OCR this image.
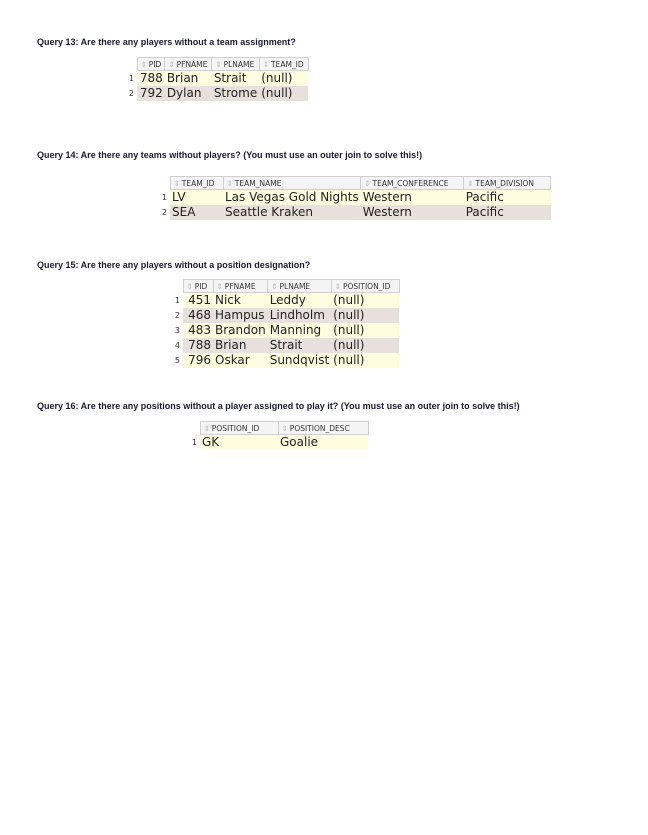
Query 13: Are there any players without a team assignment?
	⇕ PID	⇕ PFNAME	⇕ PLNAME	⇕ TEAM_ID
1	788	Brian	Strait	(null)
2	792	Dylan	Strome	(null)
Query 14: Are there any teams without players? (You must use an outer join to solve this!)
	⇕ TEAM_ID	⇕ TEAM_NAME	⇕ TEAM_CONFERENCE	⇕ TEAM_DIVISION
1	LV	Las Vegas Gold Nights	Western	Pacific
2	SEA	Seattle Kraken	Western	Pacific
Query 15: Are there any players without a position designation?
	⇕ PID	⇕ PFNAME	⇕ PLNAME	⇕ POSITION_ID
1	451	Nick	Leddy	(null)
2	468	Hampus	Lindholm	(null)
3	483	Brandon	Manning	(null)
4	788	Brian	Strait	(null)
5	796	Oskar	Sundqvist	(null)
Query 16: Are there any positions without a player assigned to play it? (You must use an outer join to solve this!)
	⇕ POSITION_ID	⇕ POSITION_DESC
1	GK	Goalie
